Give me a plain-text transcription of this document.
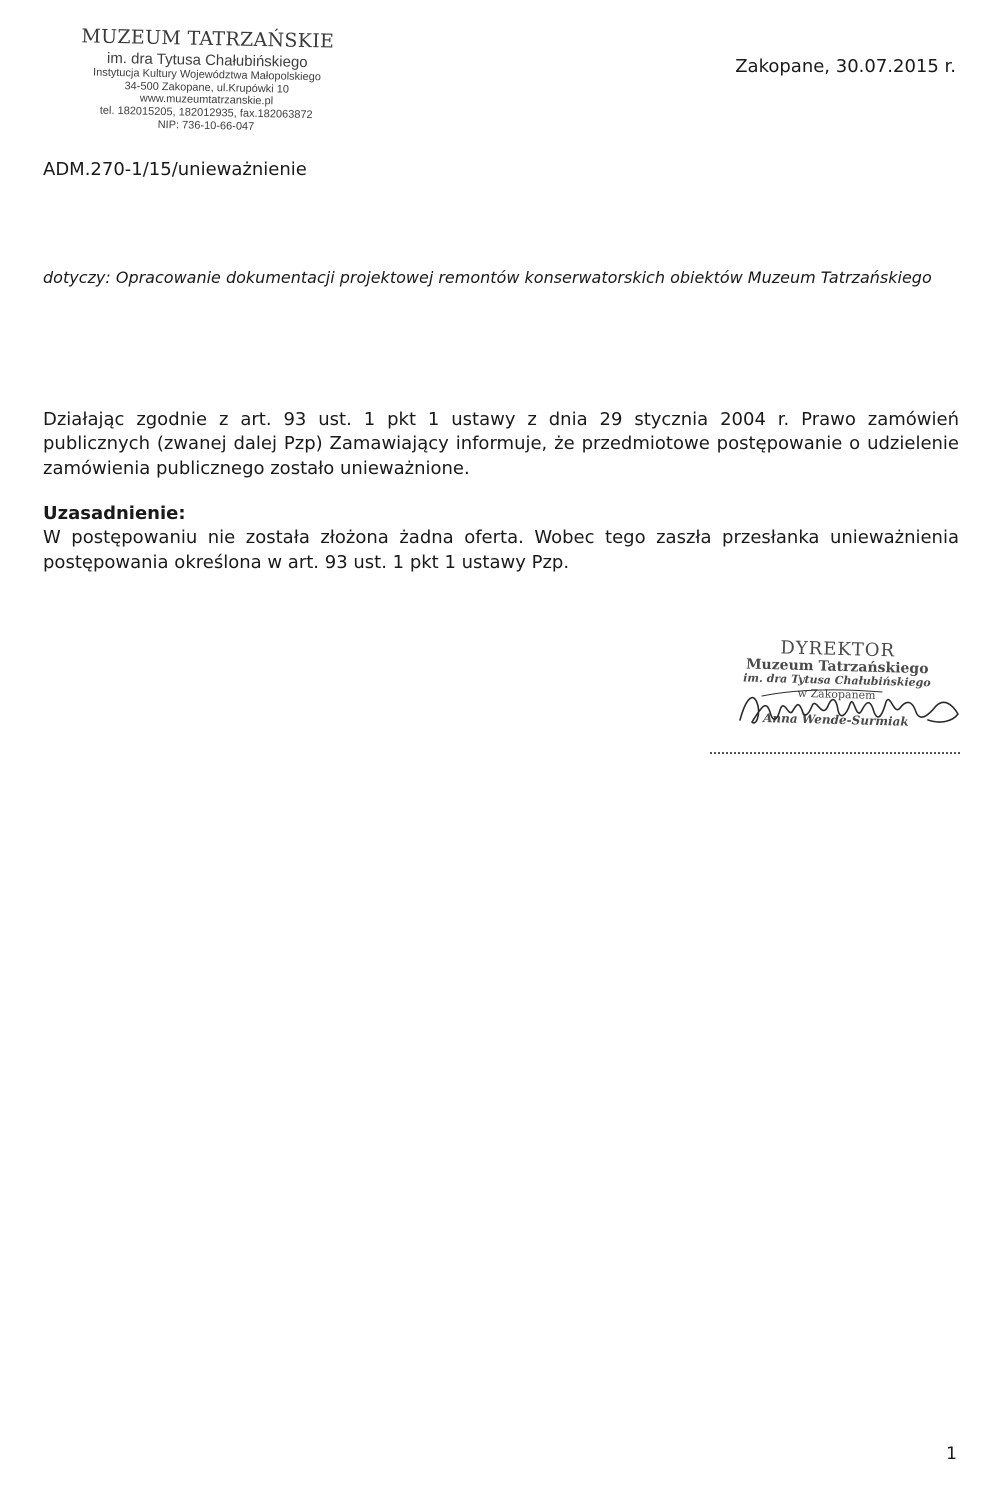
MUZEUM TATRZAŃSKIE
im. dra Tytusa Chałubińskiego
Instytucja Kultury Województwa Małopolskiego
34-500 Zakopane, ul.Krupówki 10
www.muzeumtatrzanskie.pl
tel. 182015205, 182012935, fax.182063872
NIP: 736-10-66-047
Zakopane, 30.07.2015 r.
ADM.270-1/15/unieważnienie
dotyczy: Opracowanie dokumentacji projektowej remontów konserwatorskich obiektów Muzeum Tatrzańskiego

Działając zgodnie z art. 93 ust. 1 pkt 1 ustawy z dnia 29 stycznia 2004 r. Prawo zamówień publicznych (zwanej dalej Pzp) Zamawiający informuje, że przedmiotowe postępowanie o udzielenie zamówienia publicznego zostało unieważnione.

Uzasadnienie:

W postępowaniu nie została złożona żadna oferta. Wobec tego zaszła przesłanka unieważnienia postępowania określona w art. 93 ust. 1 pkt 1 ustawy Pzp.

DYREKTOR
Muzeum Tatrzańskiego
im. dra Tytusa Chałubińskiego
w Zakopanem
Anna Wende-Surmiak
1
